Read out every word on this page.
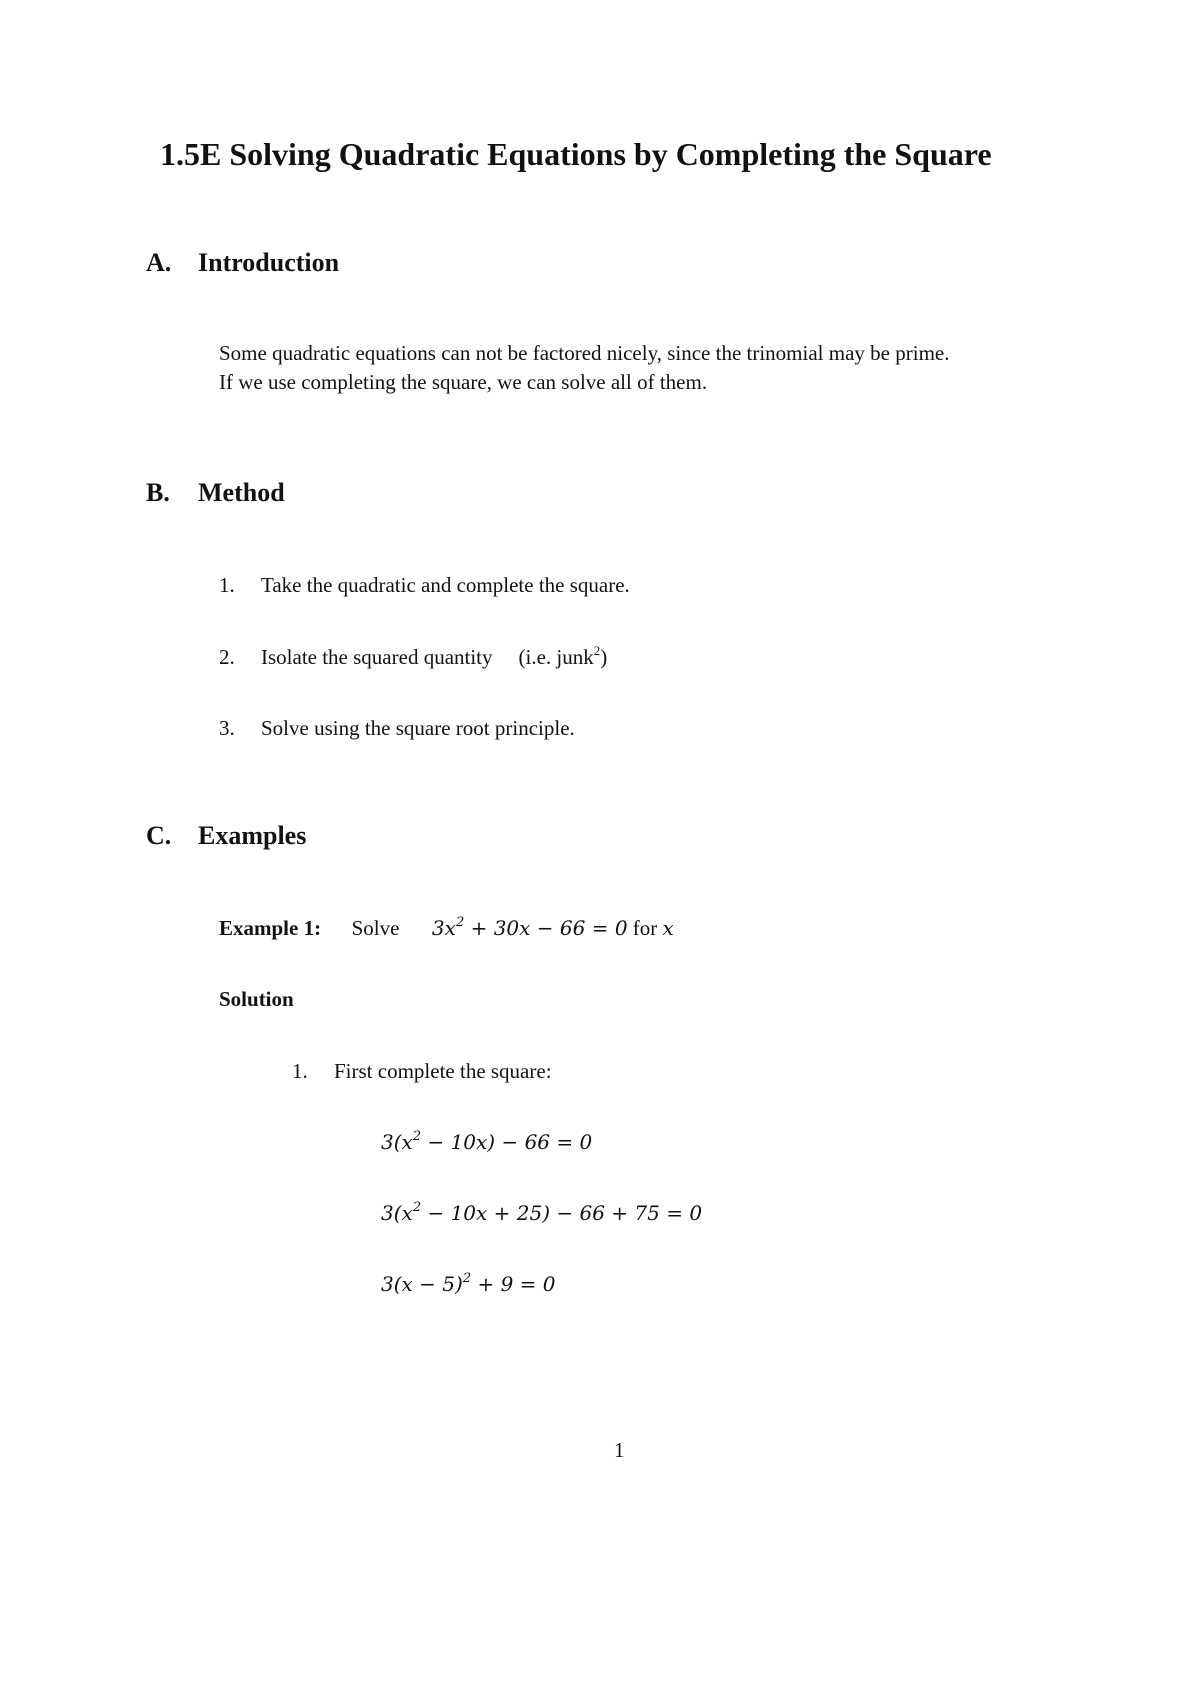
1.5E Solving Quadratic Equations by Completing the Square
A. Introduction
Some quadratic equations can not be factored nicely, since the trinomial may be prime.
If we use completing the square, we can solve all of them.
B. Method
1. Take the quadratic and complete the square.
2. Isolate the squared quantity (i.e. junk$^2$)
3. Solve using the square root principle.
C. Examples
Example 1: Solve $3x^2 + 30x - 66 = 0$ for x
Solution
1. First complete the square:
$3(x^2 - 10x) - 66 = 0$
$3(x^2 - 10x + 25) - 66 + 75 = 0$
$3(x - 5)^2 + 9 = 0$
1
